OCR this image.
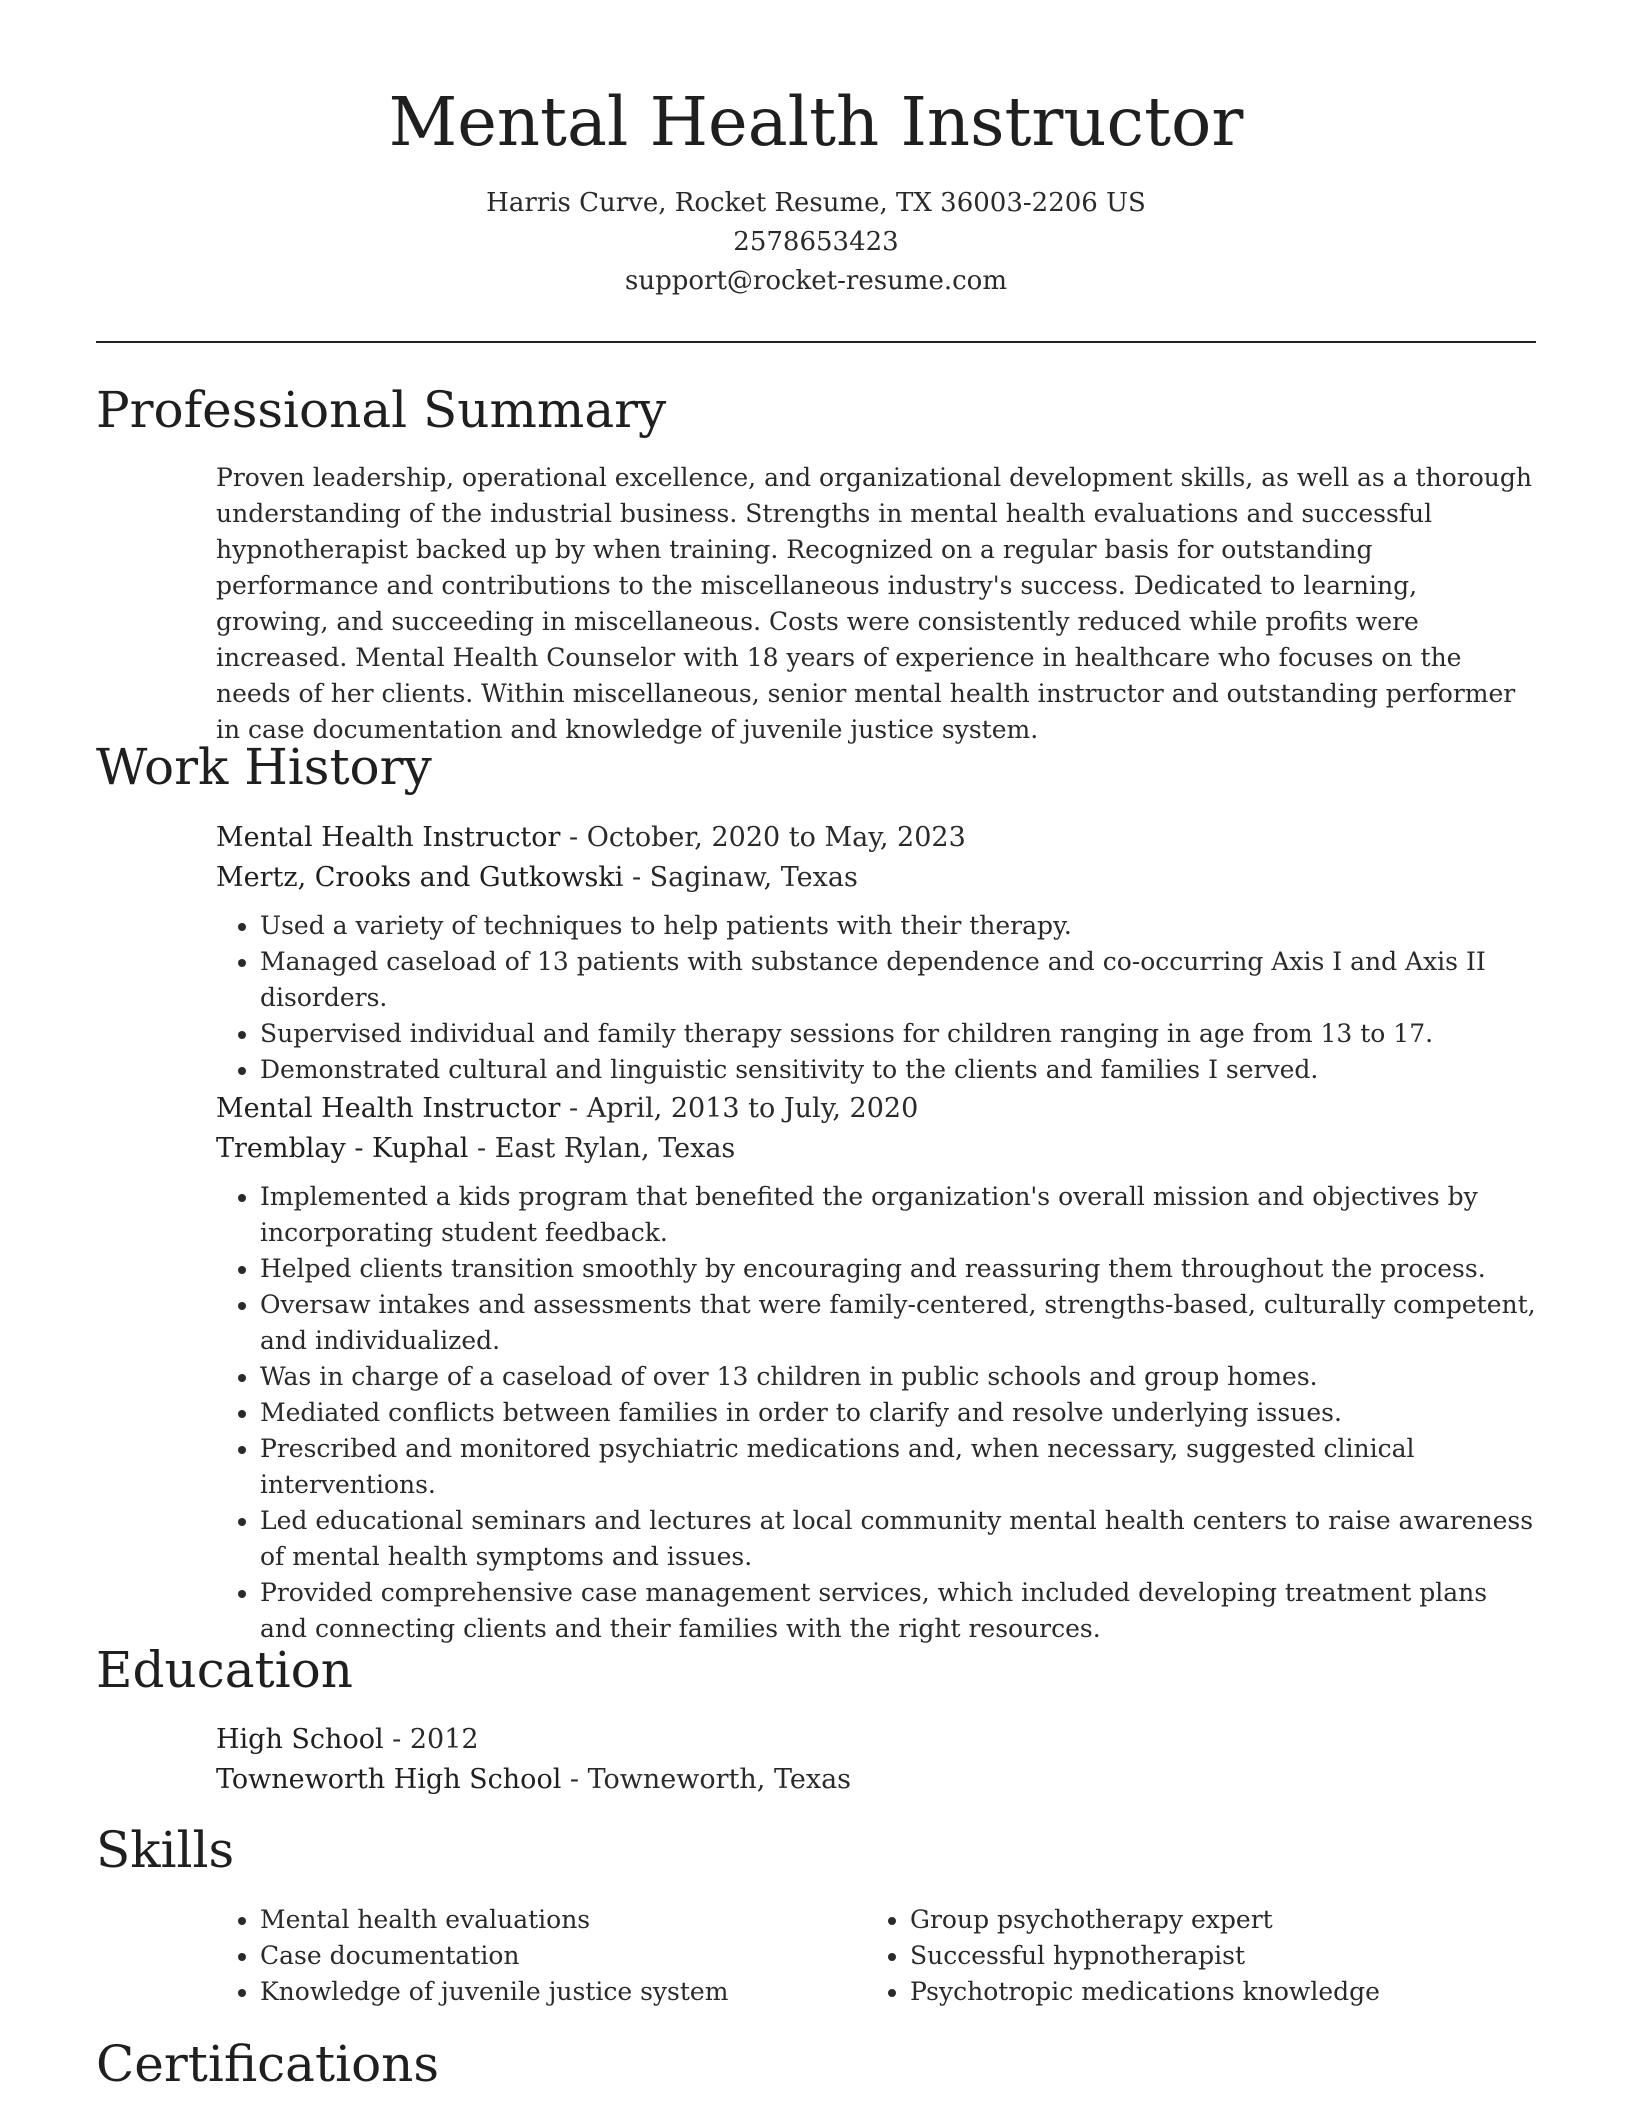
Mental Health Instructor
Harris Curve, Rocket Resume, TX 36003-2206 US
2578653423
support@rocket-resume.com
Professional Summary
Proven leadership, operational excellence, and organizational development skills, as well as a thorough understanding of the industrial business. Strengths in mental health evaluations and successful hypnotherapist backed up by when training. Recognized on a regular basis for outstanding performance and contributions to the miscellaneous industry's success. Dedicated to learning, growing, and succeeding in miscellaneous. Costs were consistently reduced while profits were increased. Mental Health Counselor with 18 years of experience in healthcare who focuses on the needs of her clients. Within miscellaneous, senior mental health instructor and outstanding performer in case documentation and knowledge of juvenile justice system.
Work History
Mental Health Instructor - October, 2020 to May, 2023
Mertz, Crooks and Gutkowski - Saginaw, Texas
• Used a variety of techniques to help patients with their therapy.
• Managed caseload of 13 patients with substance dependence and co-occurring Axis I and Axis II disorders.
• Supervised individual and family therapy sessions for children ranging in age from 13 to 17.
• Demonstrated cultural and linguistic sensitivity to the clients and families I served.
Mental Health Instructor - April, 2013 to July, 2020
Tremblay - Kuphal - East Rylan, Texas
• Implemented a kids program that benefited the organization's overall mission and objectives by incorporating student feedback.
• Helped clients transition smoothly by encouraging and reassuring them throughout the process.
• Oversaw intakes and assessments that were family-centered, strengths-based, culturally competent, and individualized.
• Was in charge of a caseload of over 13 children in public schools and group homes.
• Mediated conflicts between families in order to clarify and resolve underlying issues.
• Prescribed and monitored psychiatric medications and, when necessary, suggested clinical interventions.
• Led educational seminars and lectures at local community mental health centers to raise awareness of mental health symptoms and issues.
• Provided comprehensive case management services, which included developing treatment plans and connecting clients and their families with the right resources.
Education
High School - 2012
Towneworth High School - Towneworth, Texas
Skills
• Mental health evaluations
• Case documentation
• Knowledge of juvenile justice system
• Group psychotherapy expert
• Successful hypnotherapist
• Psychotropic medications knowledge
Certifications
